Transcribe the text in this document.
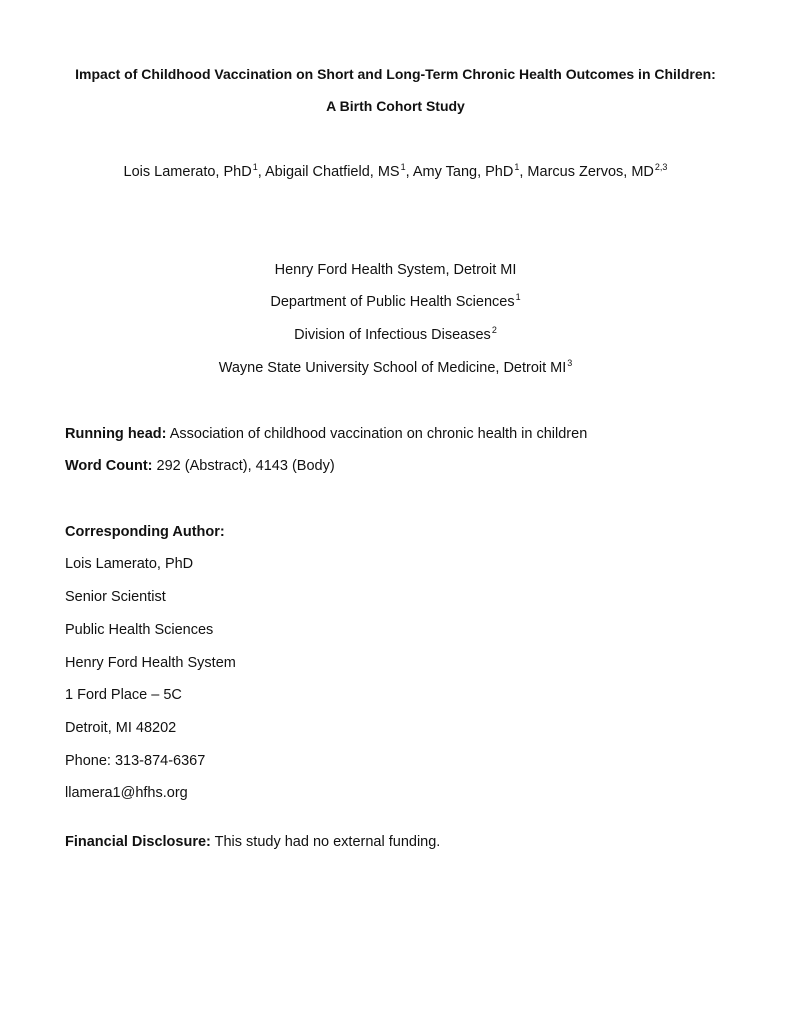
Impact of Childhood Vaccination on Short and Long-Term Chronic Health Outcomes in Children:
A Birth Cohort Study
Lois Lamerato, PhD$^1$, Abigail Chatfield, $MS^1$, Amy Tang, PhD$^1$, Marcus Zervos, MD$^{2,3}$
Henry Ford Health System, Detroit MI
Department of Public Health Sciences$^1$
Division of Infectious Diseases$^2$
Wayne State University School of Medicine, Detroit $MI^3$
Running head: Association of childhood vaccination on chronic health in children
Word Count: 292 (Abstract), 4143 (Body)
Corresponding Author:
Lois Lamerato, PhD
Senior Scientist
Public Health Sciences
Henry Ford Health System
1 Ford Place – 5C
Detroit, MI 48202
Phone: 313-874-6367
llamera1@hfhs.org
Financial Disclosure: This study had no external funding.
